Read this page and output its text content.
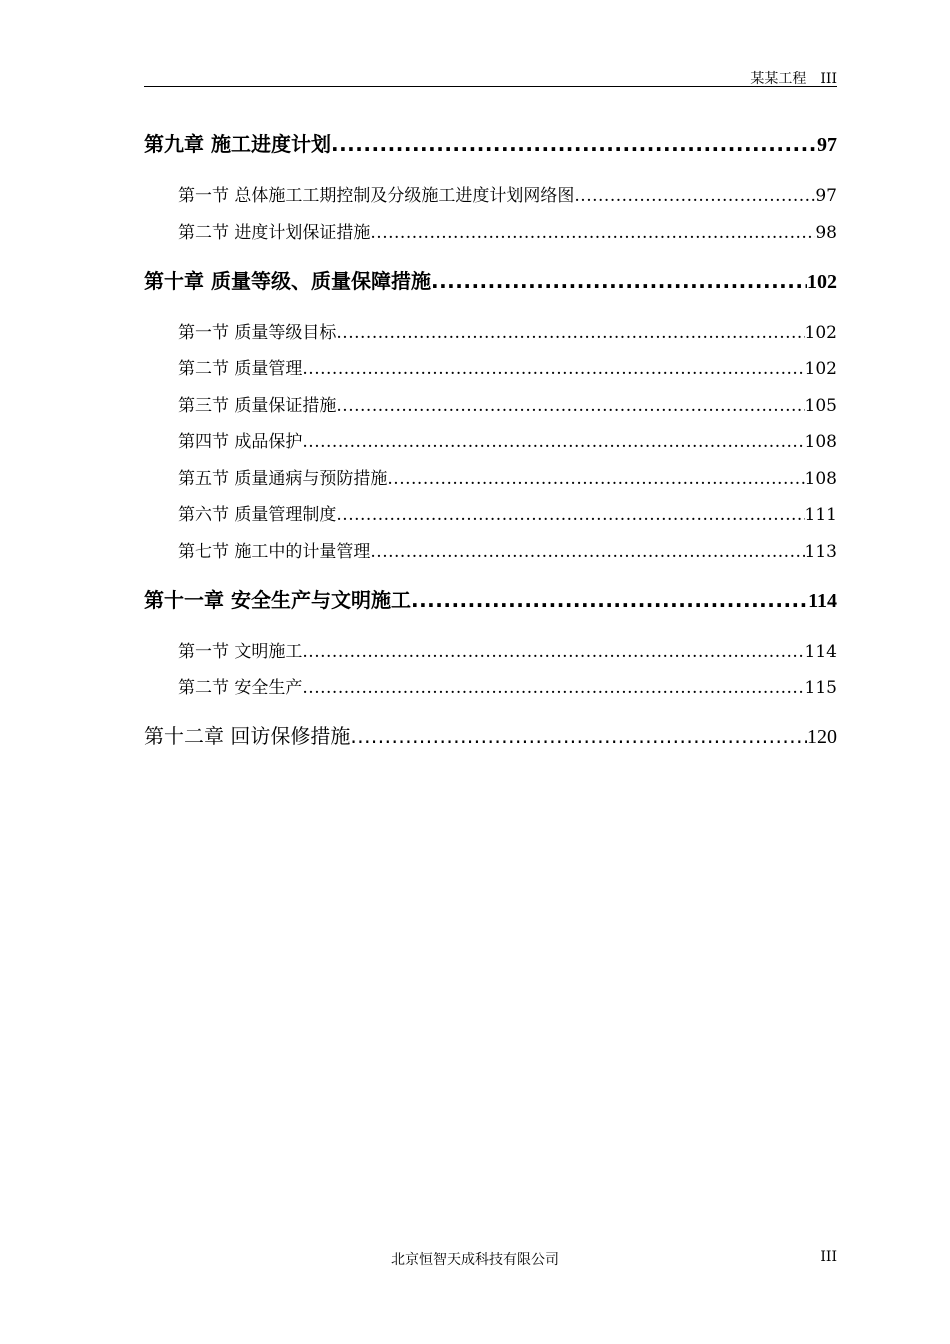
某某工程 III
第九章 施工进度计划 .....	97
第一节 总体施工工期控制及分级施工进度计划网络图 .....	97
第二节 进度计划保证措施 .....	98
第十章 质量等级、质量保障措施 .....	102
第一节 质量等级目标 .....	102
第二节 质量管理 .....	102
第三节 质量保证措施 .....	105
第四节 成品保护 .....	108
第五节 质量通病与预防措施 .....	108
第六节 质量管理制度 .....	111
第七节 施工中的计量管理 .....	113
第十一章 安全生产与文明施工 .....	114
第一节 文明施工 .....	114
第二节 安全生产 .....	115
第十二章 回访保修措施 .....	120
北京恒智天成科技有限公司	III
